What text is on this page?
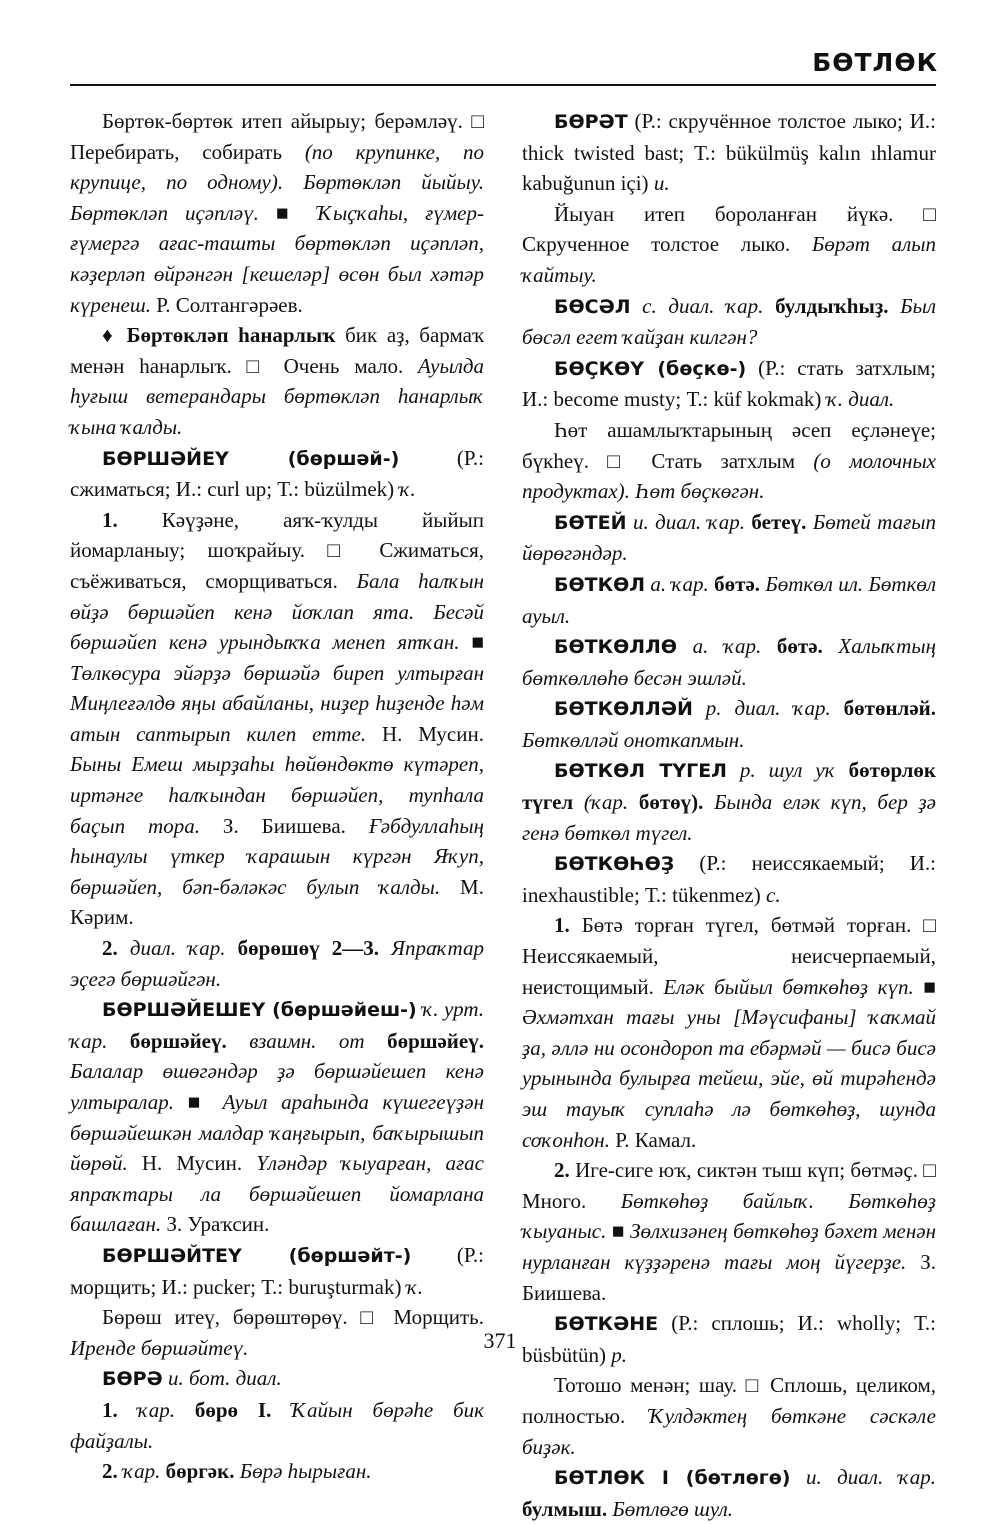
БӨТЛӨК

Бөртөк-бөртөк итеп айырыу; берәмләү. □ Перебирать, собирать (по крупинке, по крупице, по одному). Бөртөкләп йыйыу. Бөртөкләп иҫәпләү. ■ Ҡыҫҡаһы, ғүмер-ғүмергә ағас-ташты бөртөкләп иҫәпләп, кәҙерләп өйрәнгән [кешеләр] өсөн был хәтәр күренеш. Р. Солтангәрәев.

♦ Бөртөкләп һанарлыҡ бик аҙ, бармаҡ менән һанарлыҡ. □ Очень мало. Ауылда һуғыш ветерандары бөртөкләп һанарлыҡ ҡына ҡалды.

БӨРШӘЙЕҮ (бөршәй-) (Р.: сжиматься; И.: curl up; Т.: büzülmek) ҡ.

1. Кәүҙәне, аяҡ-ҡулды йыйып йомарланыу; шоҡрайыу. □ Сжиматься, съёживаться, сморщиваться. Бала һалҡын өйҙә бөршәйеп кенә йоҡлап ята. Бесәй бөршәйеп кенә урындыҡҡа менеп ятҡан. ■ Төлкөсура эйәрҙә бөршәйә биреп ултырған Миңлеғәлдө яңы абайланы, ниҙер һиҙенде һәм атын саптырып килеп етте. Н. Мусин. Быны Емеш мырҙаһы һөйөндөктө күтәреп, иртәнге һалҡындан бөршәйеп, тупһала баҫып тора. З. Биишева. Ғәбдуллаһың һынаулы үткер ҡарашын күргән Яҡуп, бөршәйеп, бәп-бәләкәс булып ҡалды. М. Кәрим.

2. диал. ҡар. бөрөшөү 2—3. Япраҡтар эҫегә бөршәйгән.

БӨРШӘЙЕШЕҮ (бөршәйеш-) ҡ. урт. ҡар. бөршәйеү. взаимн. от бөршәйеү. Балалар өшөгәндәр ҙә бөршәйешеп кенә ултыралар. ■ Ауыл араһында күшегеүҙән бөршәйешкән малдар ҡаңғырып, баҡырышып йөрөй. Н. Мусин. Үләндәр ҡыуарған, ағас япраҡтары ла бөршәйешеп йомарлана башлаған. З. Ураҡсин.

БӨРШӘЙТЕҮ (бөршәйт-) (Р.: морщить; И.: pucker; Т.: buruşturmak) ҡ.

Бөрөш итеү, бөрөштөрөү. □ Морщить. Иренде бөршәйтеү.

БӨРӘ и. бот. диал.

1. ҡар. бөрө I. Ҡайын бөрәһе бик файҙалы.

2. ҡар. бөргәк. Бөрә һырыған.

БӨРӘТ (Р.: скручённое толстое лыко; И.: thick twisted bast; Т.: bükülmüş kalın ıhlamur kabuğunun içi) и.

Йыуан итеп бороланған йүкә. □ Скрученное толстое лыко. Бөрәт алып ҡайтыу.

БӨСӘЛ с. диал. ҡар. булдыҡһыҙ. Был бөсәл егет ҡайҙан килгән?

БӨҪКӨҮ (бөҫкө-) (Р.: стать затхлым; И.: become musty; Т.: küf kokmak) ҡ. диал.

Һөт ашамлыҡтарының әсеп еҫләнеүе; бүкһеү. □ Стать затхлым (о молочных продуктах). Һөт бөҫкөгән.

БӨТЕЙ и. диал. ҡар. бетеү. Бөтей тағып йөрөгәндәр.

БӨТКӨЛ а. ҡар. бөтә. Бөткөл ил. Бөткөл ауыл.

БӨТКӨЛЛӨ а. ҡар. бөтә. Халыҡтың бөткөллөһө бесән эшләй.

БӨТКӨЛЛӘЙ р. диал. ҡар. бөтөнләй. Бөткөлләй оноткanмын.

БӨТКӨЛ ТҮГЕЛ р. шул уҡ бөтөрлөк түгел (ҡар. бөтөү). Бында еләк күп, бер ҙә генә бөткөл түгел.

БӨТКӨҺӨҘ (Р.: неиссякаемый; И.: inexhaustible; Т.: tükenmez) с.

1. Бөтә торған түгел, бөтмәй торған. □ Неиссякаемый, неисчерпаемый, неистощимый. Еләк быйыл бөткөһөҙ күп. ■ Әхмәтхан тағы уны [Мәүсифаны] ҡаҡмай ҙа, әллә ни осондороп та ебәрмәй — бисә бисә урынында булырға тейеш, эйе, өй тирәһендә эш тауыҡ суплаһә лә бөткөһөҙ, шунда соҡонһон. Р. Камал.

2. Иге-сиге юҡ, сиктән тыш күп; бөтмәҫ. □ Много. Бөткөһөҙ байлыҡ. Бөткөһөҙ ҡыуаныс. ■ Зөлхизәнең бөткөһөҙ бәхет менән нурланған күҙҙәренә тағы моң йүгерҙе. З. Биишева.

БӨТКӘНЕ (Р.: сплошь; И.: wholly; Т.: büsbütün) р.

Тотошо менән; шау. □ Сплошь, целиком, полностью. Ҡулдәктең бөткәне сәскәле биҙәк.

БӨТЛӨК I (бөтлөгө) и. диал. ҡар. булмыш. Бөтлөгө шул.

371
